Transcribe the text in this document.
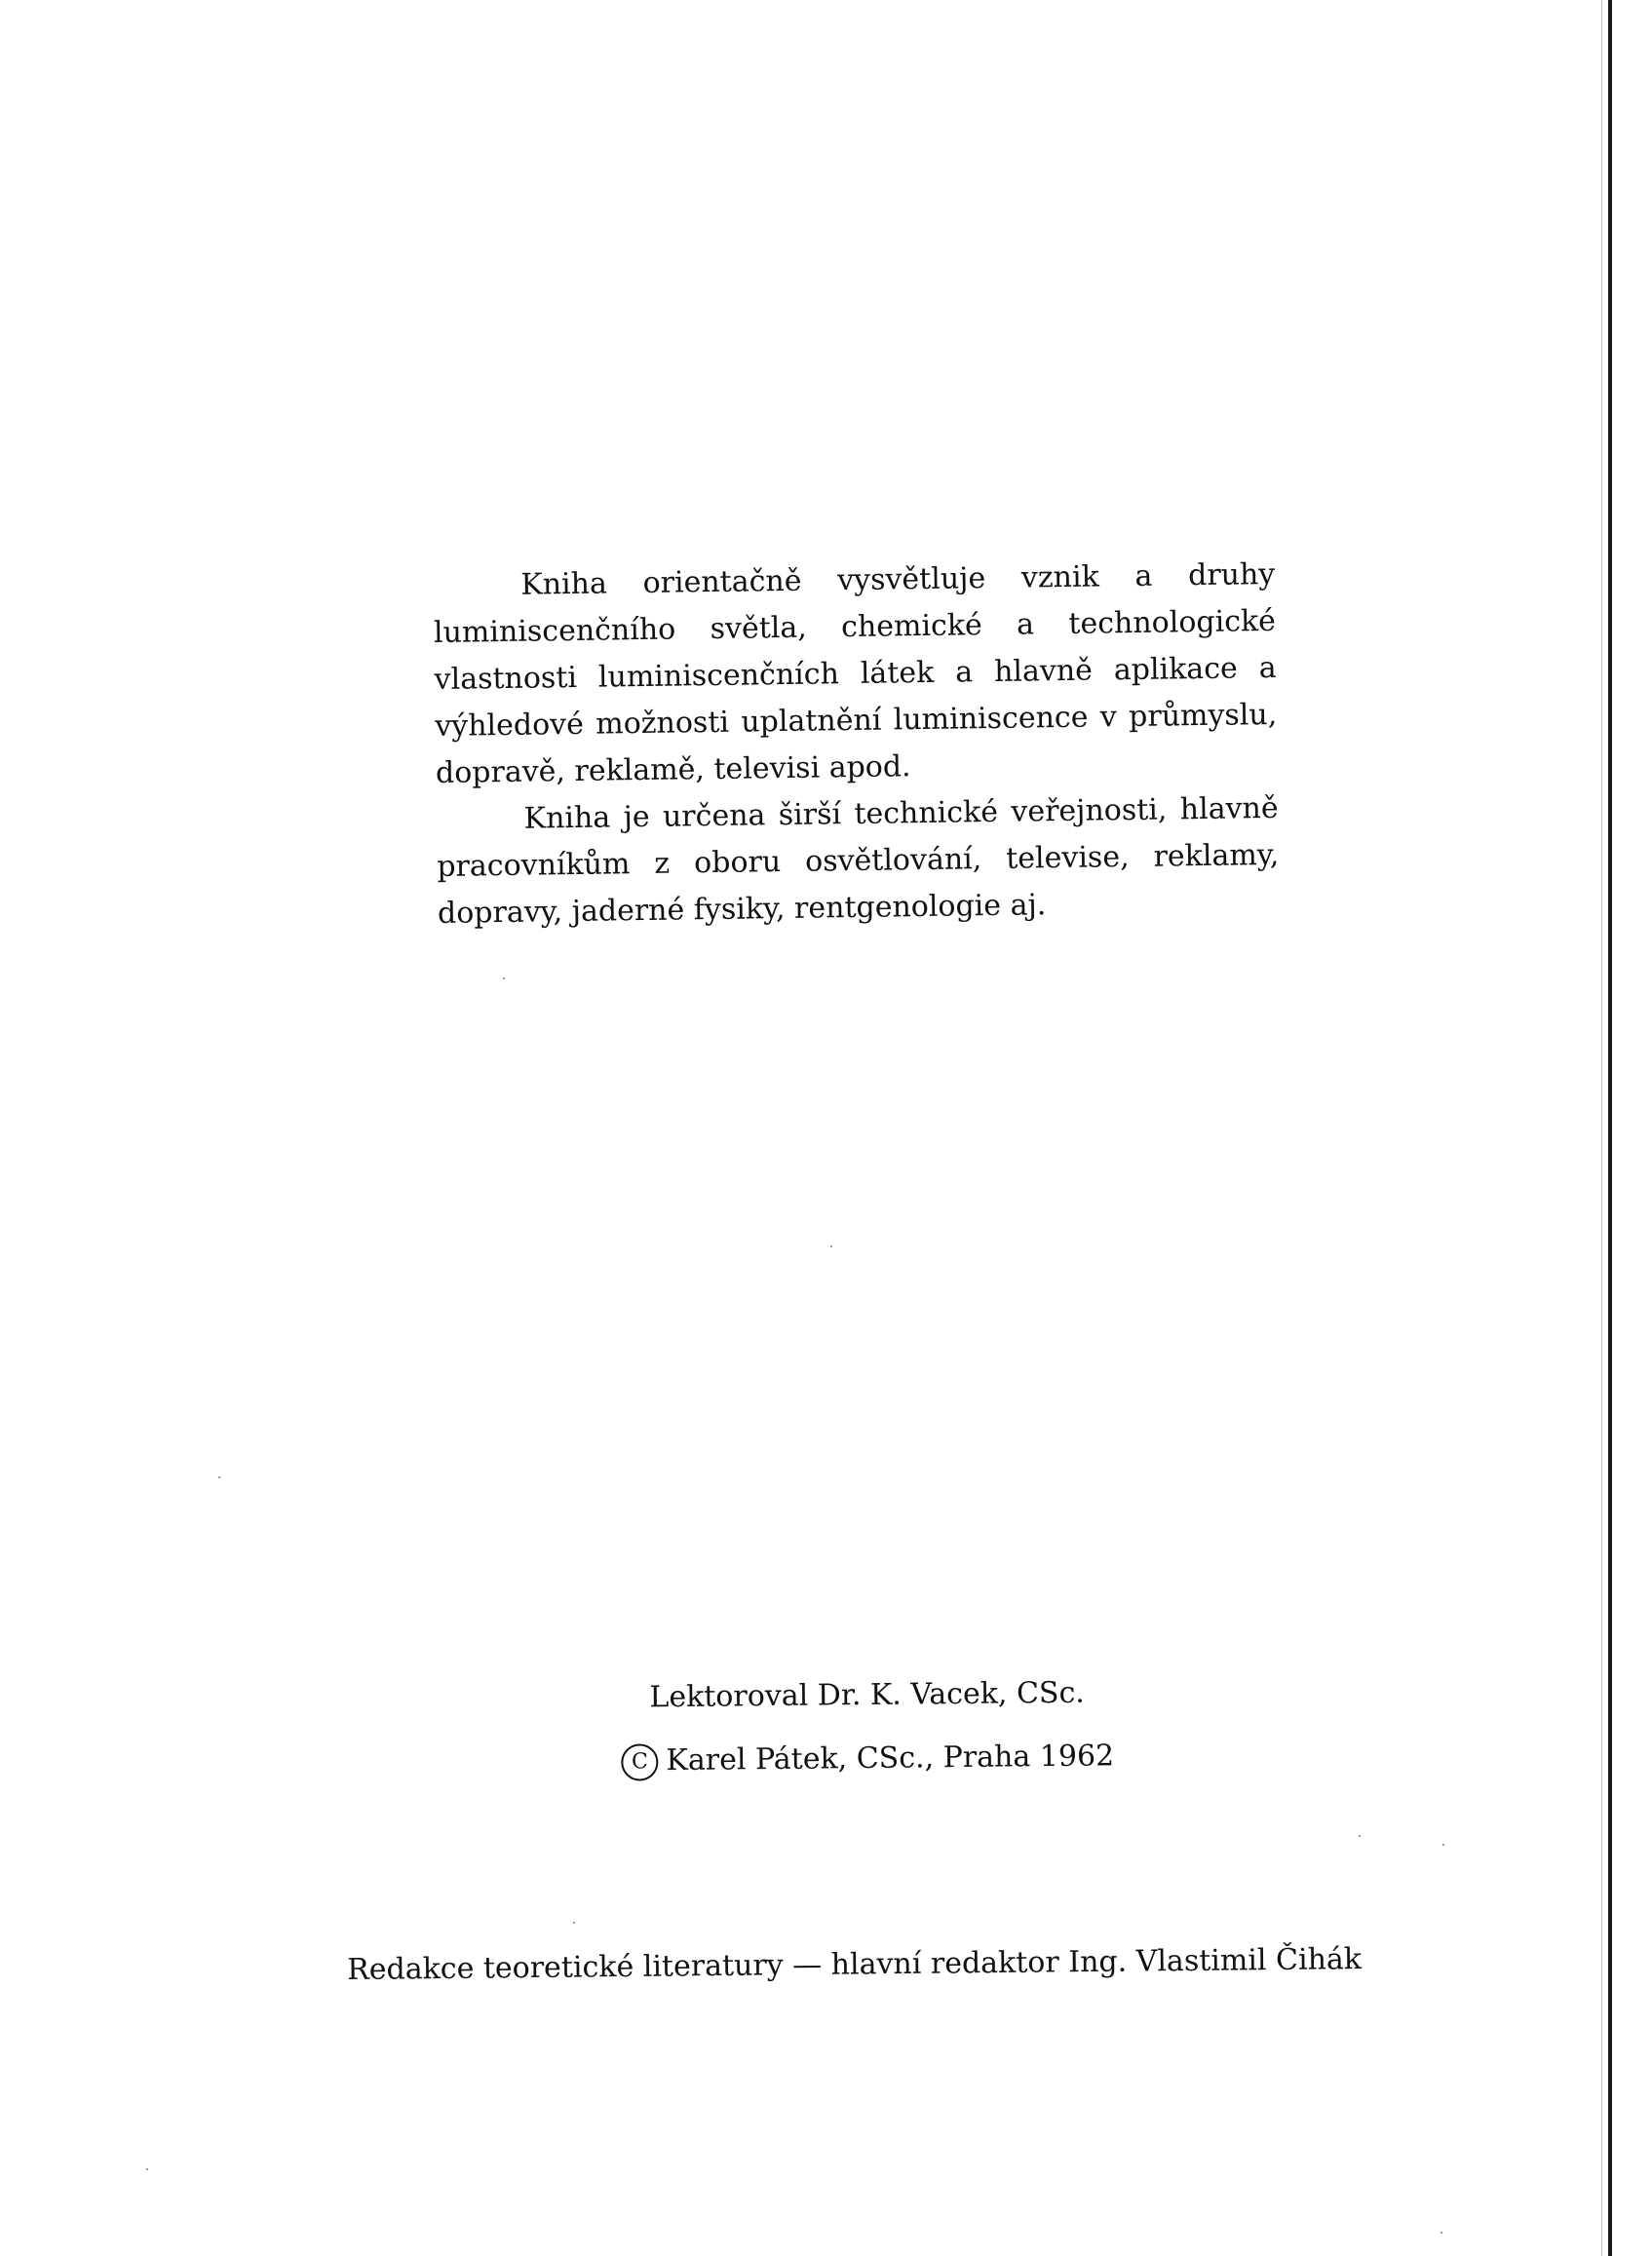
Kniha orientačně vysvětluje vznik a druhy luminiscenčního světla, chemické a technologické vlastnosti luminiscenčních látek a hlavně aplikace a výhledové možnosti uplatnění luminiscence v průmyslu, dopravě, reklamě, televisi apod.

Kniha je určena širší technické veřejnosti, hlavně pracovníkům z oboru osvětlování, televise, reklamy, dopravy, jaderné fysiky, rentgenologie aj.

Lektoroval Dr. K. Vacek, CSc.
C Karel Pátek, CSc., Praha 1962
Redakce teoretické literatury — hlavní redaktor Ing. Vlastimil Čihák
